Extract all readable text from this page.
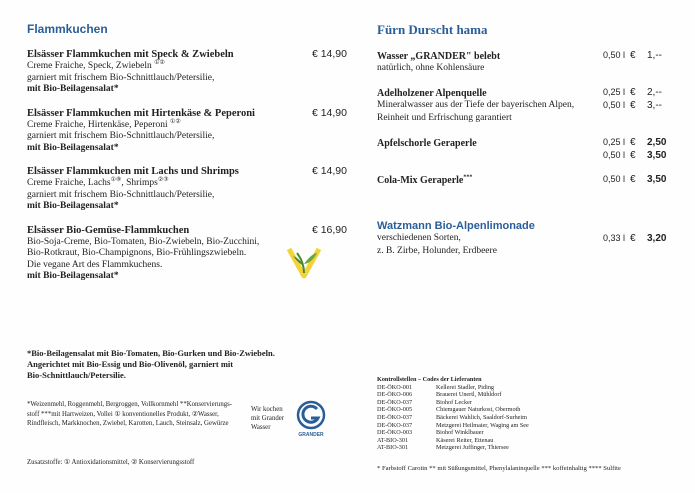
Flammkuchen
Elsässer Flammkuchen mit Speck & Zwiebeln	€ 14,90
Creme Fraiche, Speck, Zwiebeln ①②
garniert mit frischem Bio-Schnittlauch/Petersilie,
mit Bio-Beilagensalat*
Elsässer Flammkuchen mit Hirtenkäse & Peperoni	€ 14,90
Creme Fraiche, Hirtenkäse, Peperoni ①②
garniert mit frischem Bio-Schnittlauch/Petersilie,
mit Bio-Beilagensalat*
Elsässer Flammkuchen mit Lachs und Shrimps	€ 14,90
Creme Fraiche, Lachs①⑧, Shrimps②③
garniert mit frischem Bio-Schnittlauch/Petersilie,
mit Bio-Beilagensalat*
Elsässer Bio-Gemüse-Flammkuchen	€ 16,90
Bio-Soja-Creme, Bio-Tomaten, Bio-Zwiebeln, Bio-Zucchini,
Bio-Rotkraut, Bio-Champignons, Bio-Frühlingszwiebeln.
Die vegane Art des Flammkuchens.
mit Bio-Beilagensalat*
Fürn Durscht hama
Wasser „GRANDER" belebt	0,50 l € 1,--
natürlich, ohne Kohlensäure
Adelholzener Alpenquelle	0,25 l € 2,--
Mineralwasser aus der Tiefe der bayerischen Alpen,	0,50 l € 3,--
Reinheit und Erfrischung garantiert
Apfelschorle Geraperle	0,25 l € 2,50
0,50 l € 3,50
Cola-Mix Geraperle***	0,50 l € 3,50
Watzmann Bio-Alpenlimonade
verschiedenen Sorten,	0,33 l € 3,20
z. B. Zirbe, Holunder, Erdbeere
*Bio-Beilagensalat mit Bio-Tomaten, Bio-Gurken und Bio-Zwiebeln.
Angerichtet mit Bio-Essig und Bio-Olivenöl, garniert mit
Bio-Schnittlauch/Petersilie.
*Weizenmehl, Roggenmehl, Bergroggen, Vollkornmehl **Konservierungs-
stoff ***mit Hartweizen, Vollei ① konventionelles Produkt, ②Wasser,
Rindfleisch, Markknochen, Zwiebel, Karotten, Lauch, Steinsalz, Gewürze
Wir kochen
mit Grander
Wasser
GRANDER
Zusatzstoffe: ① Antioxidationsmittel, ② Konservierungsstoff
Kontrollstellen – Codes der Lieferanten
DE-ÖKO-001	Kellerei Stadler, Piding
DE-ÖKO-006	Brauerei Unertl, Mühldorf
DE-ÖKO-037	Biohof Lecker
DE-ÖKO-005	Chiemgauer Naturkost, Obermoth
DE-ÖKO-037	Bäckerei Wahlich, Saaldorf-Surheim
DE-ÖKO-037	Metzgerei Heilmaier, Waging am See
DE-ÖKO-003	Biohof Winklbauer
AT-BIO-301	Käserei Reiter, Ettenau
AT-BIO-301	Metzgerei Juffinger, Thiersee
* Farbstoff Carotin ** mit Süßungsmittel, Phenylalaninquelle *** koffeinhaltig **** Sulfite
